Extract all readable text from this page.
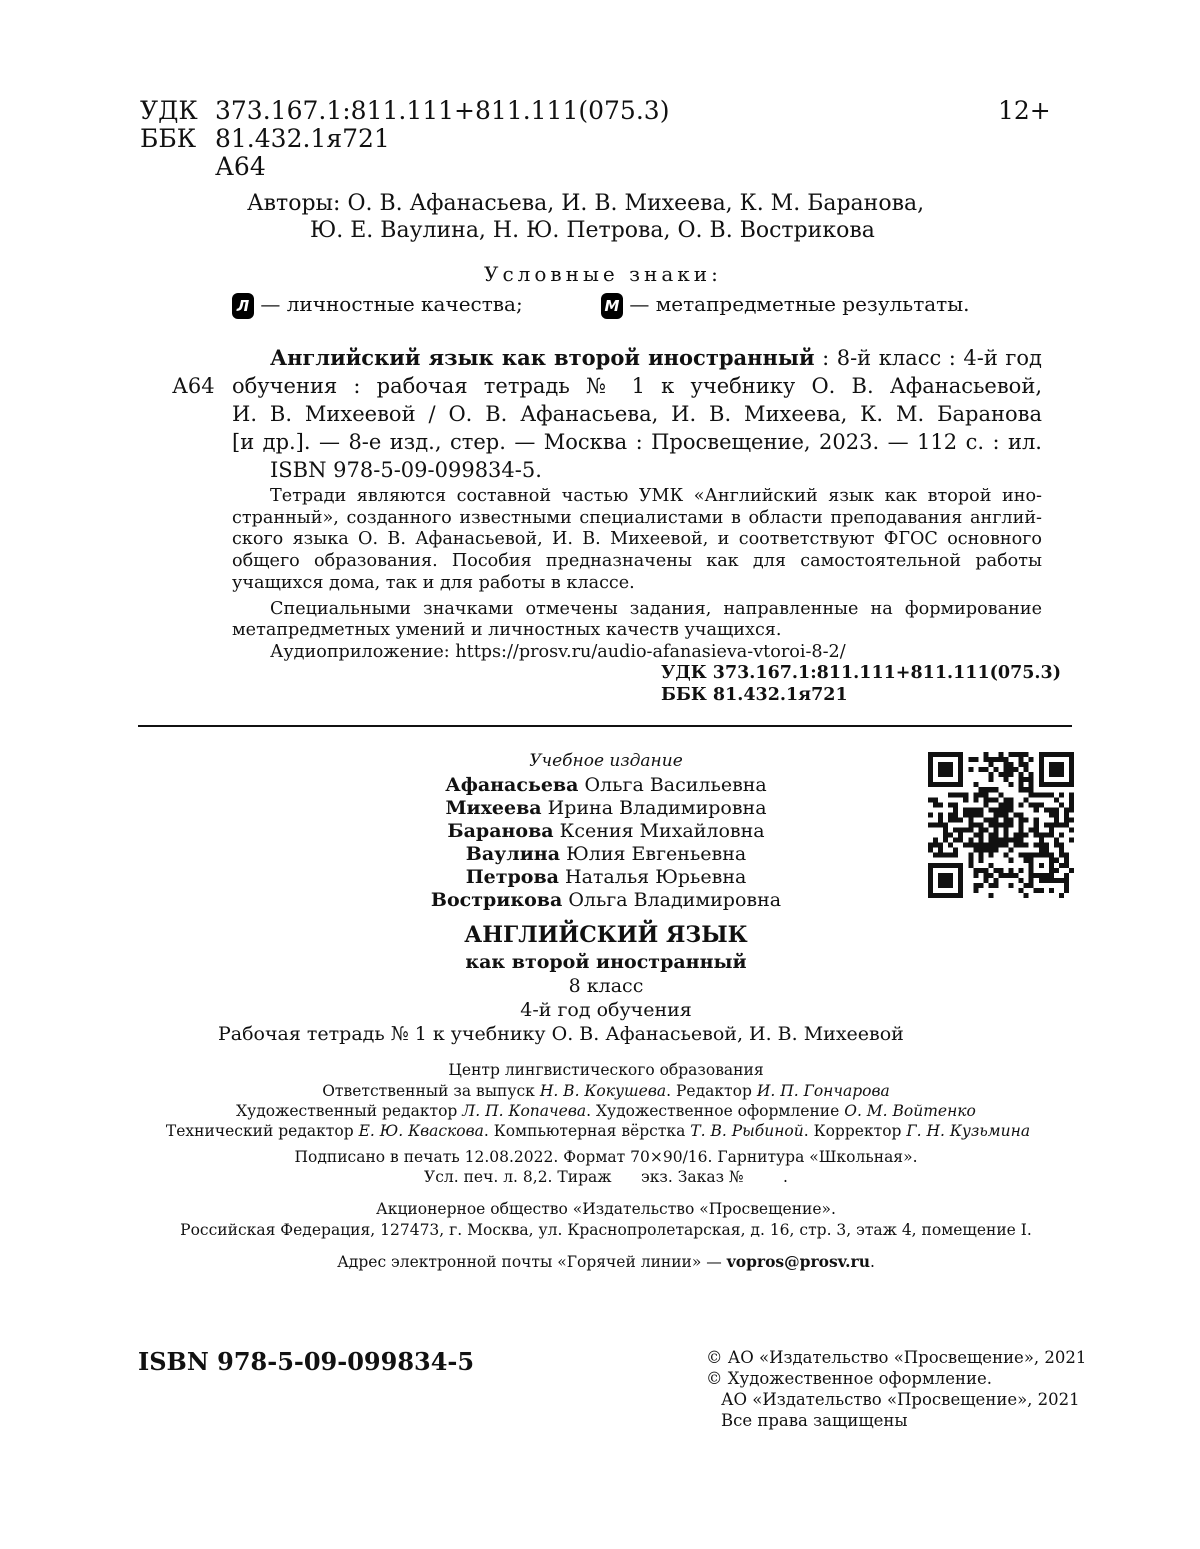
УДК 373.167.1:811.111+811.111(075.3)
ББК 81.432.1я721
А64
12+
Авторы: О. В. Афанасьева, И. В. Михеева, К. М. Баранова,
Ю. Е. Ваулина, Н. Ю. Петрова, О. В. Вострикова
Условные знаки:
Л — личностные качества;	М — метапредметные результаты.
А64
Английский язык как второй иностранный : 8-й класс : 4-й год
обучения : рабочая тетрадь № 1 к учебнику О. В. Афанасьевой,
И. В. Михеевой / О. В. Афанасьева, И. В. Михеева, К. М. Баранова
[и др.]. — 8-е изд., стер. — Москва : Просвещение, 2023. — 112 с. : ил.
ISBN 978-5-09-099834-5.
Тетради являются составной частью УМК «Английский язык как второй ино-
странный», созданного известными специалистами в области преподавания англий-
ского языка О. В. Афанасьевой, И. В. Михеевой, и соответствуют ФГОС основного
общего образования. Пособия предназначены как для самостоятельной работы
учащихся дома, так и для работы в классе.
Специальными значками отмечены задания, направленные на формирование
метапредметных умений и личностных качеств учащихся.
Аудиоприложение: https://prosv.ru/audio-afanasieva-vtoroi-8-2/
УДК 373.167.1:811.111+811.111(075.3)
ББК 81.432.1я721
Учебное издание
Афанасьева Ольга Васильевна
Михеева Ирина Владимировна
Баранова Ксения Михайловна
Ваулина Юлия Евгеньевна
Петрова Наталья Юрьевна
Вострикова Ольга Владимировна
АНГЛИЙСКИЙ ЯЗЫК
как второй иностранный
8 класс
4-й год обучения
Рабочая тетрадь № 1 к учебнику О. В. Афанасьевой, И. В. Михеевой
Центр лингвистического образования
Ответственный за выпуск Н. В. Кокушева. Редактор И. П. Гончарова
Художественный редактор Л. П. Копачева. Художественное оформление О. М. Войтенко
Технический редактор Е. Ю. Кваскова. Компьютерная вёрстка Т. В. Рыбиной. Корректор Г. Н. Кузьмина
Подписано в печать 12.08.2022. Формат 70×90/16. Гарнитура «Школьная».
Усл. печ. л. 8,2. Тираж      экз. Заказ №        .
Акционерное общество «Издательство «Просвещение».
Российская Федерация, 127473, г. Москва, ул. Краснопролетарская, д. 16, стр. 3, этаж 4, помещение I.
Адрес электронной почты «Горячей линии» — vopros@prosv.ru.
ISBN 978-5-09-099834-5	© АО «Издательство «Просвещение», 2021
© Художественное оформление.
АО «Издательство «Просвещение», 2021
Все права защищены
